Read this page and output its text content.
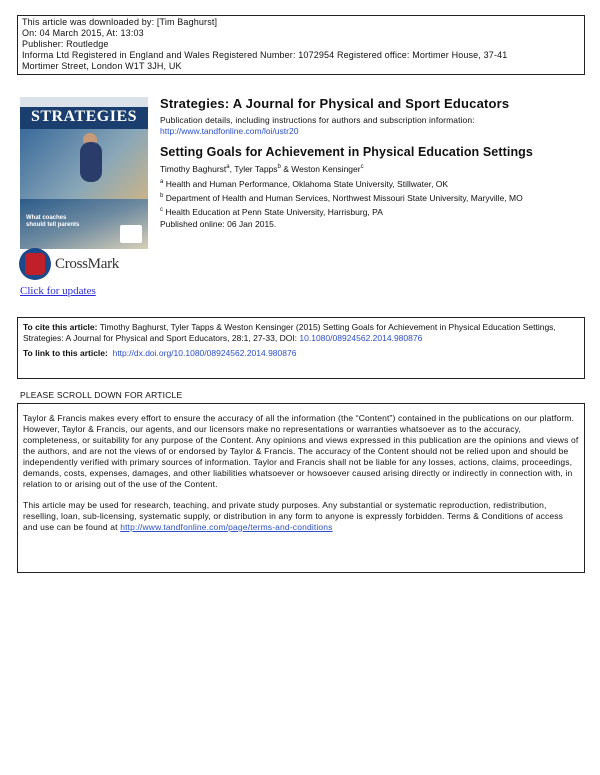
This article was downloaded by: [Tim Baghurst]
On: 04 March 2015, At: 13:03
Publisher: Routledge
Informa Ltd Registered in England and Wales Registered Number: 1072954 Registered office: Mortimer House, 37-41
Mortimer Street, London W1T 3JH, UK
STRATEGIES
What coaches should tell parents
Strategies: A Journal for Physical and Sport Educators
Publication details, including instructions for authors and subscription information:
http://www.tandfonline.com/loi/ustr20
Setting Goals for Achievement in Physical Education Settings
Timothy Baghurst$^a$, Tyler Tapps$^b$ & Weston Kensinger$^c$
$^a$ Health and Human Performance, Oklahoma State University, Stillwater, OK
$^b$ Department of Health and Human Services, Northwest Missouri State University, Maryville, MO
$^c$ Health Education at Penn State University, Harrisburg, PA
Published online: 06 Jan 2015.
CrossMark
Click for updates
To cite this article: Timothy Baghurst, Tyler Tapps & Weston Kensinger (2015) Setting Goals for Achievement in Physical Education Settings, Strategies: A Journal for Physical and Sport Educators, 28:1, 27-33, DOI: 10.1080/08924562.2014.980876
To link to this article: http://dx.doi.org/10.1080/08924562.2014.980876
PLEASE SCROLL DOWN FOR ARTICLE

Taylor & Francis makes every effort to ensure the accuracy of all the information (the “Content”) contained in the publications on our platform. However, Taylor & Francis, our agents, and our licensors make no representations or warranties whatsoever as to the accuracy, completeness, or suitability for any purpose of the Content. Any opinions and views expressed in this publication are the opinions and views of the authors, and are not the views of or endorsed by Taylor & Francis. The accuracy of the Content should not be relied upon and should be independently verified with primary sources of information. Taylor and Francis shall not be liable for any losses, actions, claims, proceedings, demands, costs, expenses, damages, and other liabilities whatsoever or howsoever caused arising directly or indirectly in connection with, in relation to or arising out of the use of the Content.

This article may be used for research, teaching, and private study purposes. Any substantial or systematic reproduction, redistribution, reselling, loan, sub-licensing, systematic supply, or distribution in any form to anyone is expressly forbidden. Terms & Conditions of access and use can be found at http://www.tandfonline.com/page/terms-and-conditions
